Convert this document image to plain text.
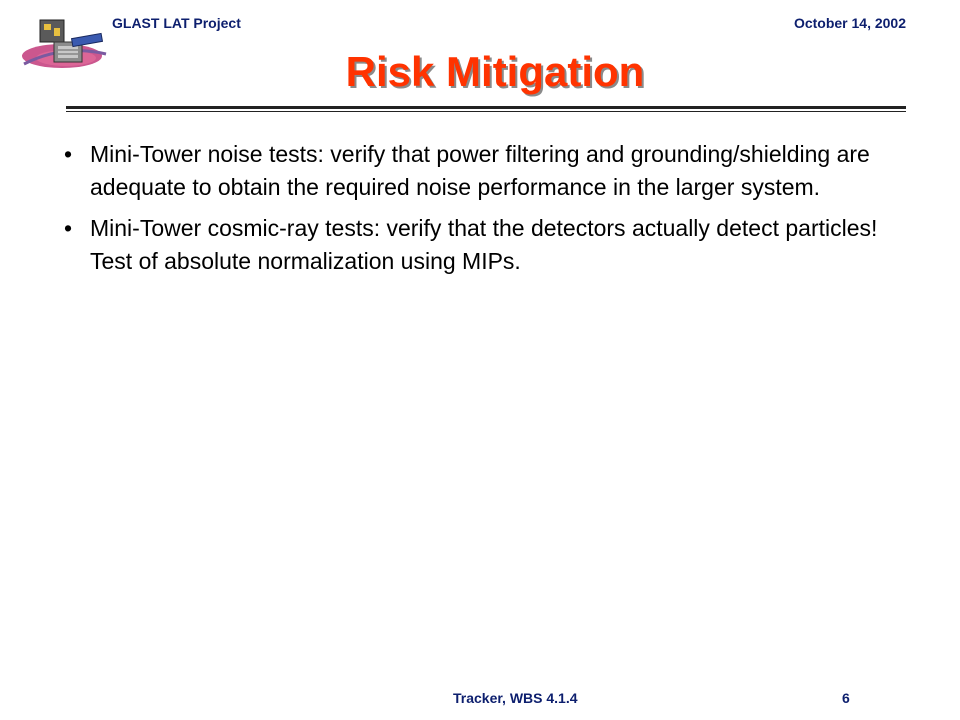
GLAST LAT Project	October 14, 2002
Risk Mitigation
• Mini-Tower noise tests: verify that power filtering and grounding/shielding are adequate to obtain the required noise performance in the larger system.
• Mini-Tower cosmic-ray tests: verify that the detectors actually detect particles! Test of absolute normalization using MIPs.
Tracker, WBS 4.1.4	6
